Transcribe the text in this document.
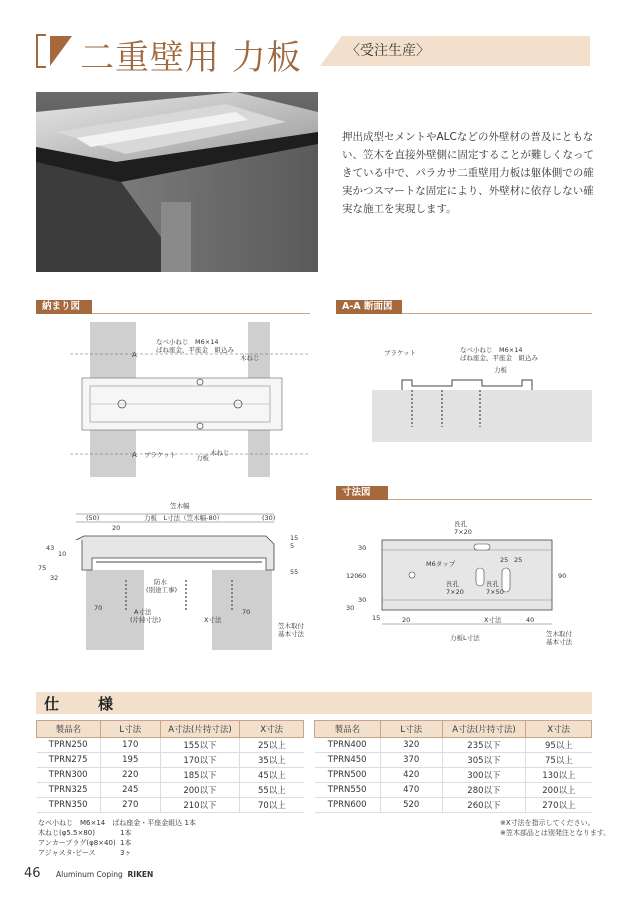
二重壁用 力板	〈受注生産〉
押出成型セメントやALCなどの外壁材の普及にともない、笠木を直接外壁側に固定することが難しくなってきている中で、パラカサ二重壁用力板は躯体側での確実かつスマートな固定により、外壁材に依存しない確実な施工を実現します。
納まり図	A-A 断面図
寸法図
A
A
なべ小ねじ　M6×14
ばね座金、平座金　組込み
木ねじ
ブラケット	力板
木ねじ
ブラケット	なべ小ねじ　M6×14
ばね座金、平座金　組込み
力板
笠木幅
(50)	(30)
力板　L寸法（笠木幅-80）
20
43
10
75
32
15
5
55
防水
(別途工事)
70	70
A寸法
(片持寸法)	X寸法
笠木取付
基本寸法
長孔
7×20
M6タップ
長孔
7×20
長孔
7×50
25 25
30
120 60
30
30
15
90
20	X寸法	40
力板L寸法	笠木取付
基本寸法
仕　様
製品名	L寸法	A寸法(片持寸法)	X寸法
TPRN250	170	155以下	25以上
TPRN275	195	170以下	35以上
TPRN300	220	185以下	45以上
TPRN325	245	200以下	55以上
TPRN350	270	210以下	70以上
製品名	L寸法	A寸法(片持寸法)	X寸法
TPRN400	320	235以下	95以上
TPRN450	370	305以下	75以上
TPRN500	420	300以下	130以上
TPRN550	470	280以下	200以上
TPRN600	520	260以下	270以上
なべ小ねじ　M6×14　ばね座金・平座金組込
1本
木ねじ(φ5.5×80)	1本
アンカープラグ(φ8×40) 1本
アジャスタ-ピース	3ヶ
※X寸法を指示してください。
※笠木部品とは別発注となります。
46 Aluminum Coping RIKEN
